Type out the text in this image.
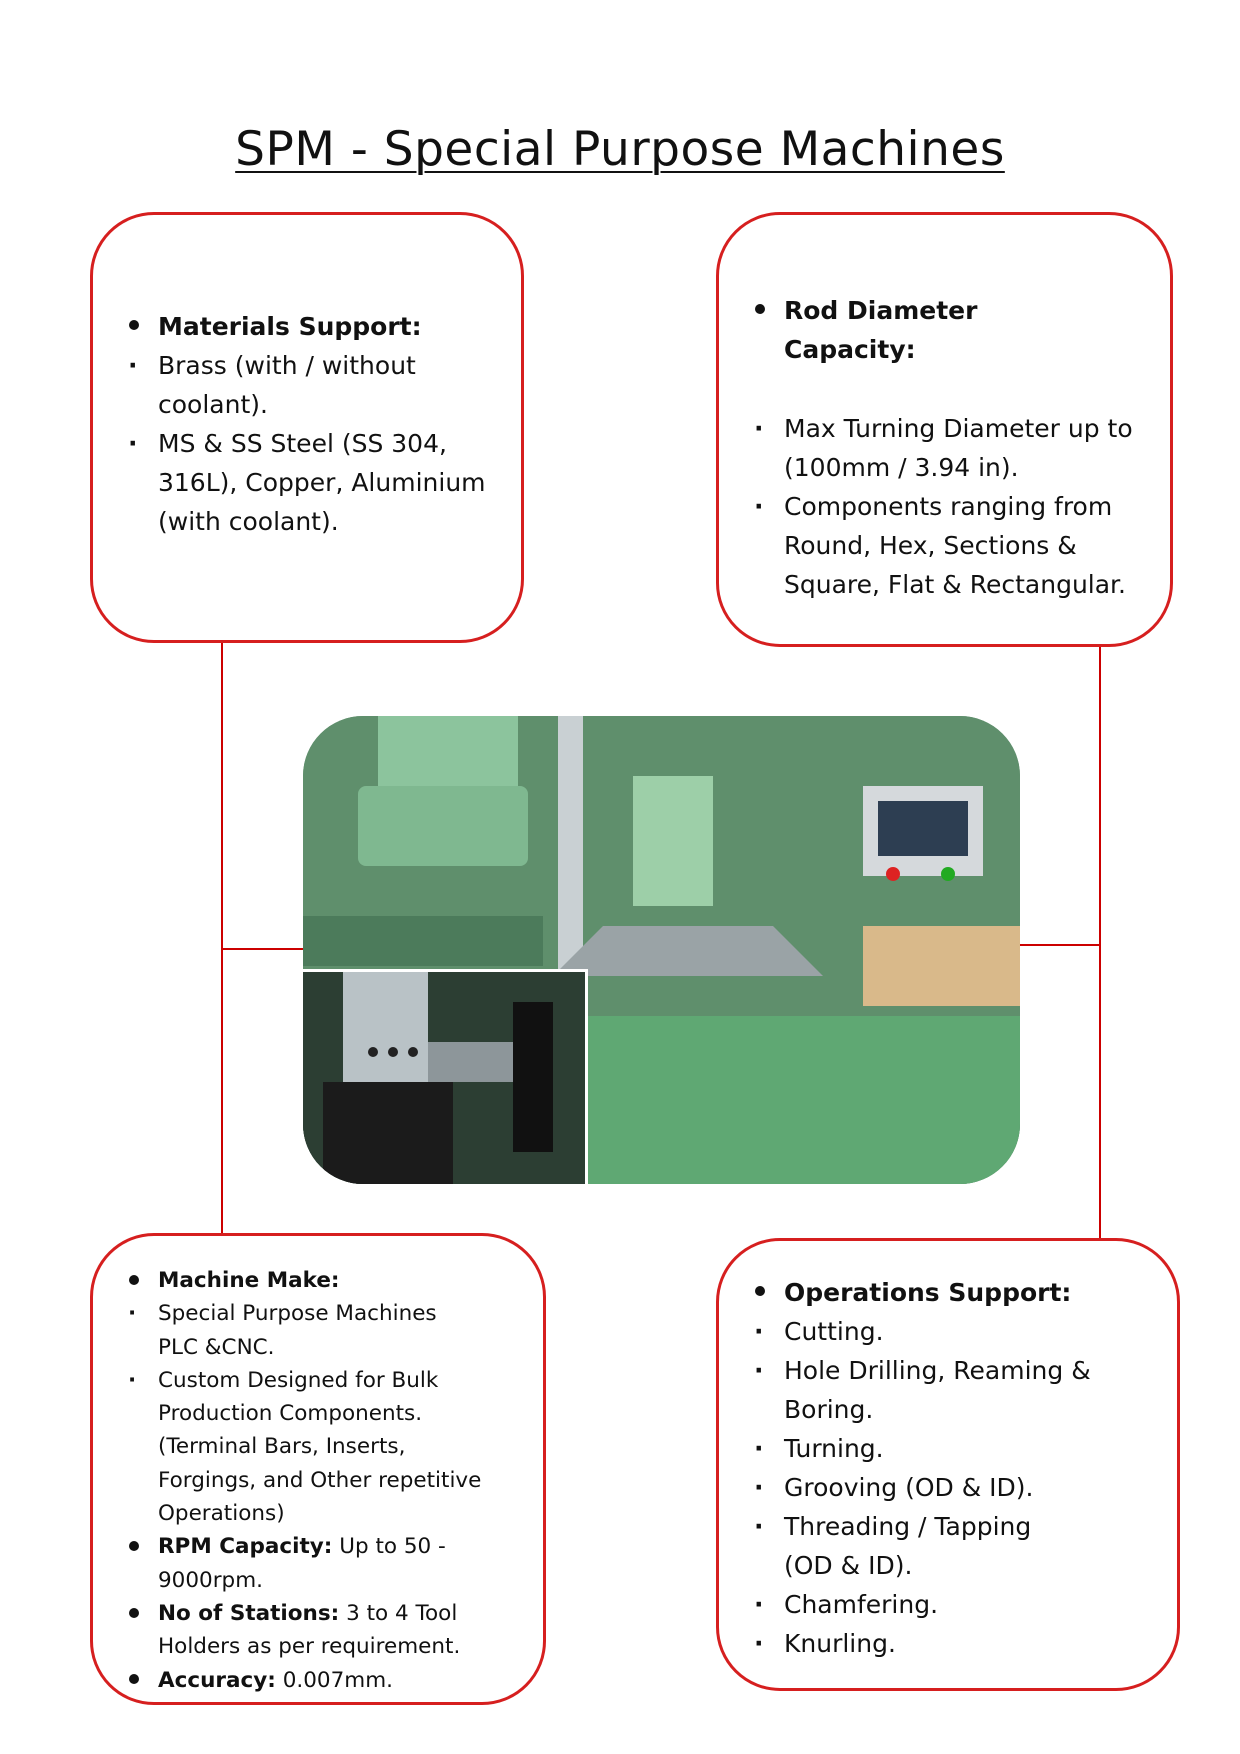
SPM - Special Purpose Machines
Materials Support:
· Brass (with / without coolant).
· MS & SS Steel (SS 304, 316L), Copper, Aluminium (with coolant).
Rod Diameter Capacity:
· Max Turning Diameter up to (100mm / 3.94 in).
· Components ranging from Round, Hex, Sections & Square, Flat & Rectangular.
Machine Make:
· Special Purpose Machines PLC &CNC.
· Custom Designed for Bulk Production Components. (Terminal Bars, Inserts, Forgings, and Other repetitive Operations)
RPM Capacity: Up to 50 - 9000rpm.
No of Stations: 3 to 4 Tool Holders as per requirement.
Accuracy: 0.007mm.
Operations Support:
· Cutting.
· Hole Drilling, Reaming & Boring.
· Turning.
· Grooving (OD & ID).
· Threading / Tapping (OD & ID).
· Chamfering.
· Knurling.
